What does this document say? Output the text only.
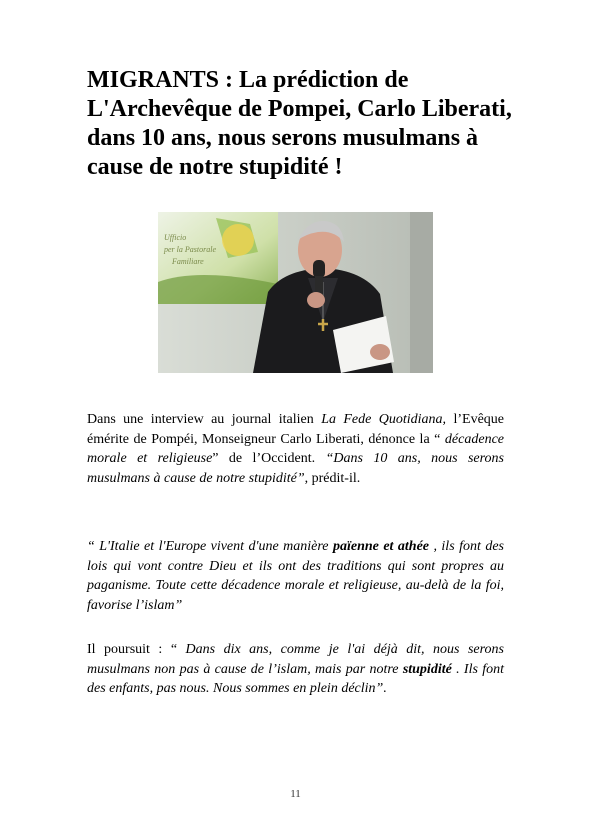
MIGRANTS : La prédiction de L'Archevêque de Pompei, Carlo Liberati, dans 10 ans, nous serons musulmans à cause de notre stupidité !
Ufficio
per la Pastorale
Familiare
Dans une interview au journal italien La Fede Quotidiana, l’Evêque émérite de Pompéi, Monseigneur Carlo Liberati, dénonce la “ décadence morale et religieuse” de l’Occident. “Dans 10 ans, nous serons musulmans à cause de notre stupidité”, prédit-il.
“ L'Italie et l'Europe vivent d'une manière païenne et athée , ils font des lois qui vont contre Dieu et ils ont des traditions qui sont propres au paganisme. Toute cette décadence morale et religieuse, au-delà de la foi, favorise l’islam”
Il poursuit : “ Dans dix ans, comme je l'ai déjà dit, nous serons musulmans non pas à cause de l’islam, mais par notre stupidité . Ils font des enfants, pas nous. Nous sommes en plein déclin”.
11
